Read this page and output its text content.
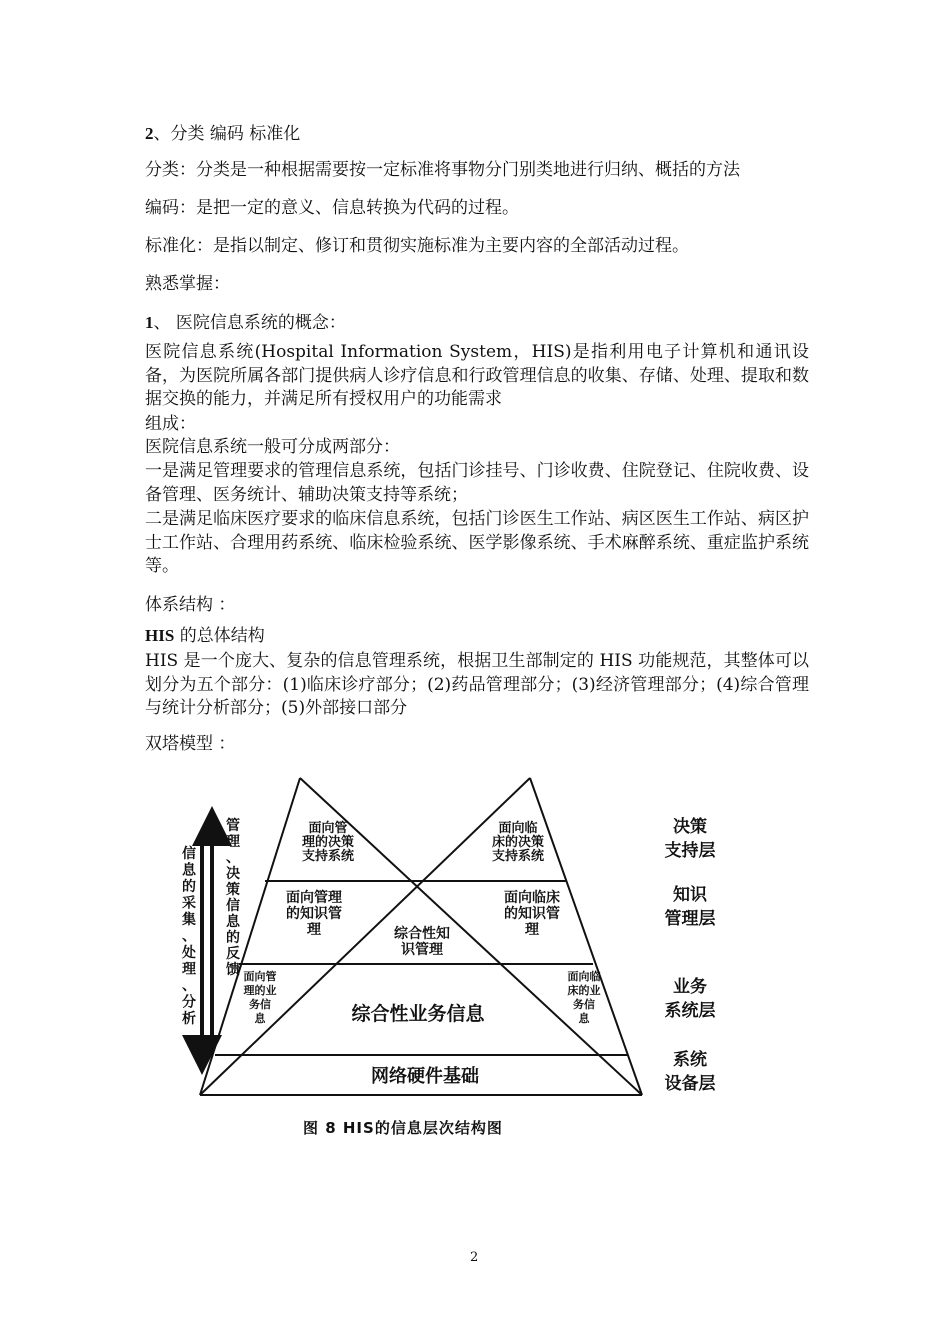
2、分类 编码 标准化
分类：分类是一种根据需要按一定标准将事物分门别类地进行归纳、概括的方法
编码：是把一定的意义、信息转换为代码的过程。
标准化：是指以制定、修订和贯彻实施标准为主要内容的全部活动过程。
熟悉掌握：
1、 医院信息系统的概念：
医院信息系统(Hospital Information System，HIS)是指利用电子计算机和通讯设备，为医院所属各部门提供病人诊疗信息和行政管理信息的收集、存储、处理、提取和数据交换的能力，并满足所有授权用户的功能需求
组成：
医院信息系统一般可分成两部分：
一是满足管理要求的管理信息系统，包括门诊挂号、门诊收费、住院登记、住院收费、设备管理、医务统计、辅助决策支持等系统；
二是满足临床医疗要求的临床信息系统，包括门诊医生工作站、病区医生工作站、病区护士工作站、合理用药系统、临床检验系统、医学影像系统、手术麻醉系统、重症监护系统等。
体系结构 ：
HIS 的总体结构
HIS 是一个庞大、复杂的信息管理系统，根据卫生部制定的 HIS 功能规范，其整体可以划分为五个部分：(1)临床诊疗部分；(2)药品管理部分；(3)经济管理部分；(4)综合管理与统计分析部分；(5)外部接口部分
双塔模型 ：
信息的采集、处理、分析
管理、决策信息的反馈
面向管理的决策支持系统
面向临床的决策支持系统
面向管理的知识管理
面向临床的知识管理
综合性知识管理
面向管理的业务信息
面向临床的业务信息
综合性业务信息
网络硬件基础
决策支持层
知识管理层
业务系统层
系统设备层
图 8 HIS的信息层次结构图
2
